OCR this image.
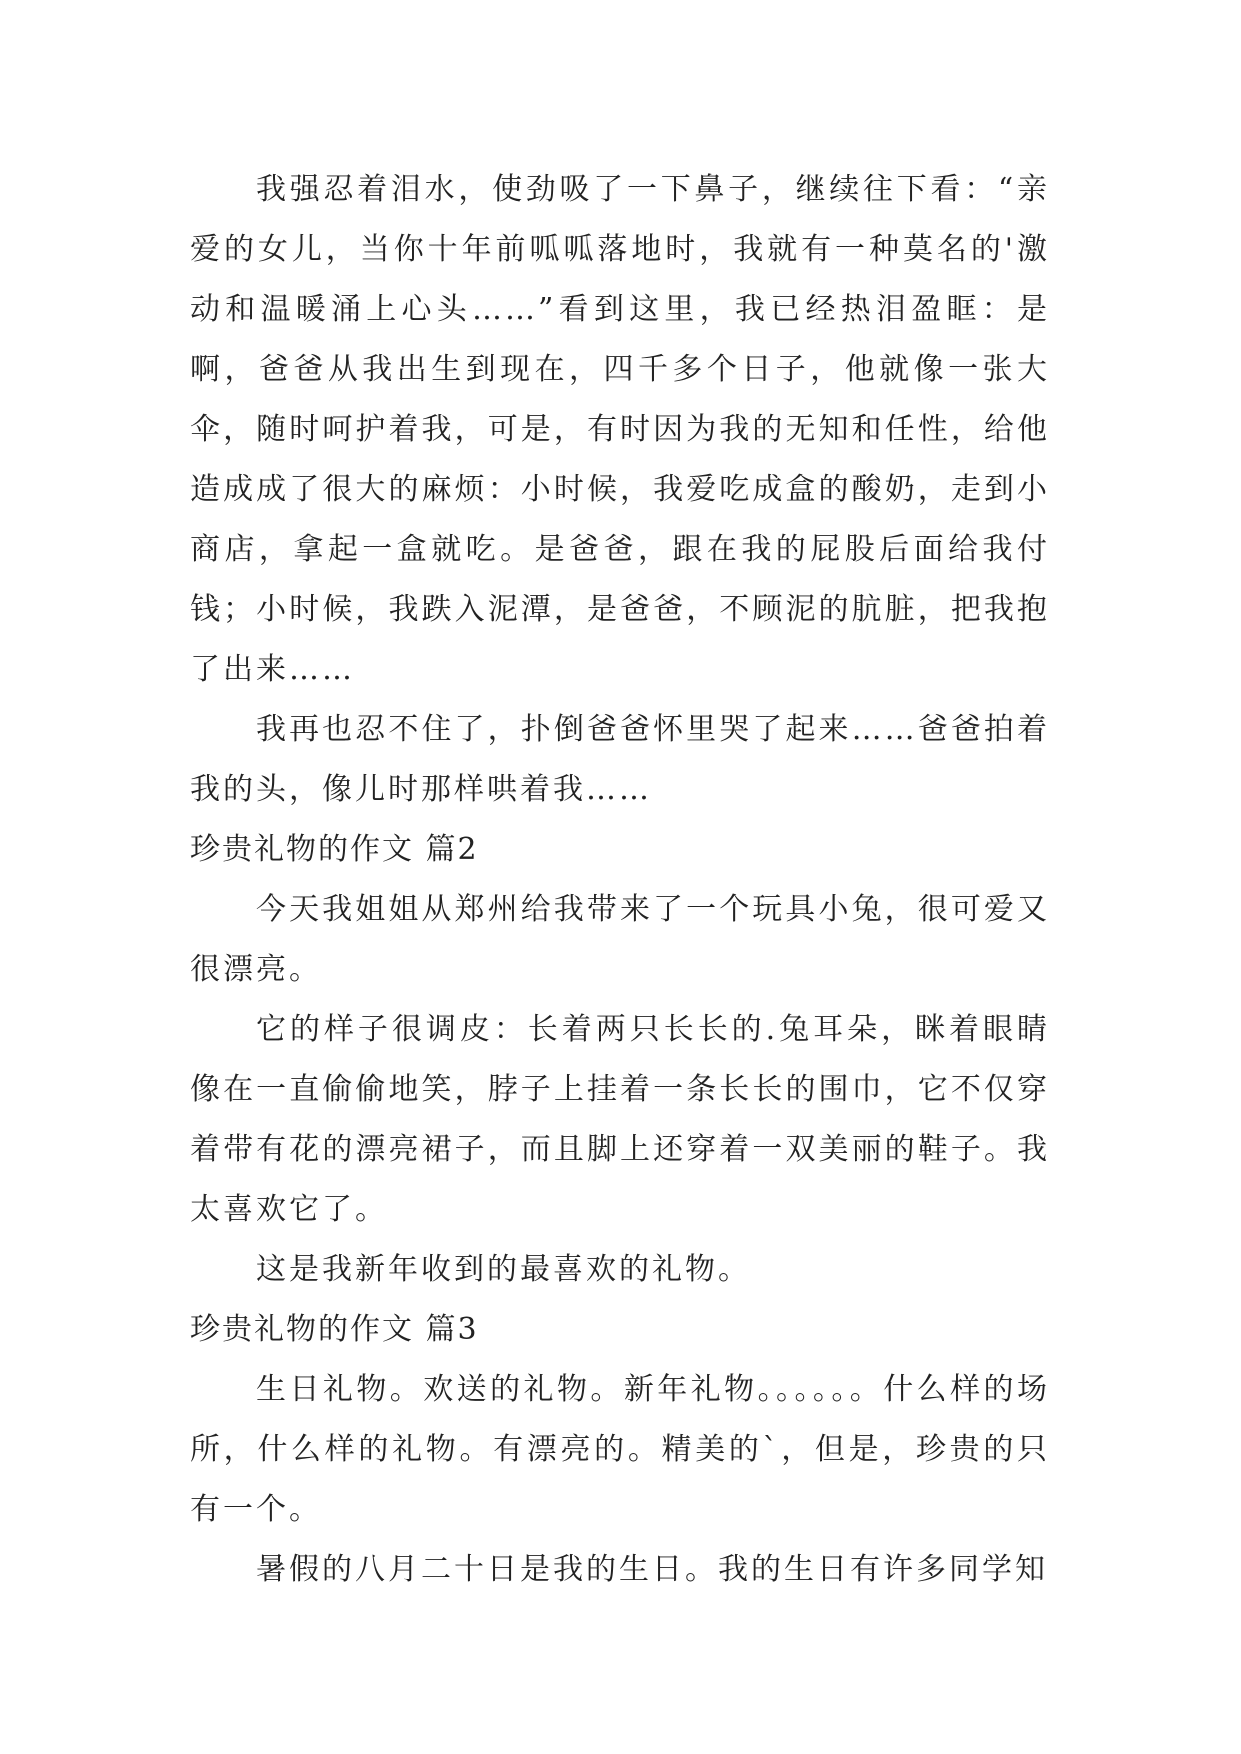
我强忍着泪水，使劲吸了一下鼻子，继续往下看：“亲爱的女儿，当你十年前呱呱落地时，我就有一种莫名的'激动和温暖涌上心头……”看到这里，我已经热泪盈眶：是啊，爸爸从我出生到现在，四千多个日子，他就像一张大伞，随时呵护着我，可是，有时因为我的无知和任性，给他造成成了很大的麻烦：小时候，我爱吃成盒的酸奶，走到小商店，拿起一盒就吃。是爸爸，跟在我的屁股后面给我付钱；小时候，我跌入泥潭，是爸爸，不顾泥的肮脏，把我抱了出来……

我再也忍不住了，扑倒爸爸怀里哭了起来……爸爸拍着我的头，像儿时那样哄着我……

珍贵礼物的作文 篇2

今天我姐姐从郑州给我带来了一个玩具小兔，很可爱又很漂亮。

它的样子很调皮：长着两只长长的.兔耳朵，眯着眼睛像在一直偷偷地笑，脖子上挂着一条长长的围巾，它不仅穿着带有花的漂亮裙子，而且脚上还穿着一双美丽的鞋子。我太喜欢它了。

这是我新年收到的最喜欢的礼物。

珍贵礼物的作文 篇3

生日礼物。欢送的礼物。新年礼物。。。。。。什么样的场所，什么样的礼物。有漂亮的。精美的`，但是，珍贵的只有一个。

暑假的八月二十日是我的生日。我的生日有许多同学知
